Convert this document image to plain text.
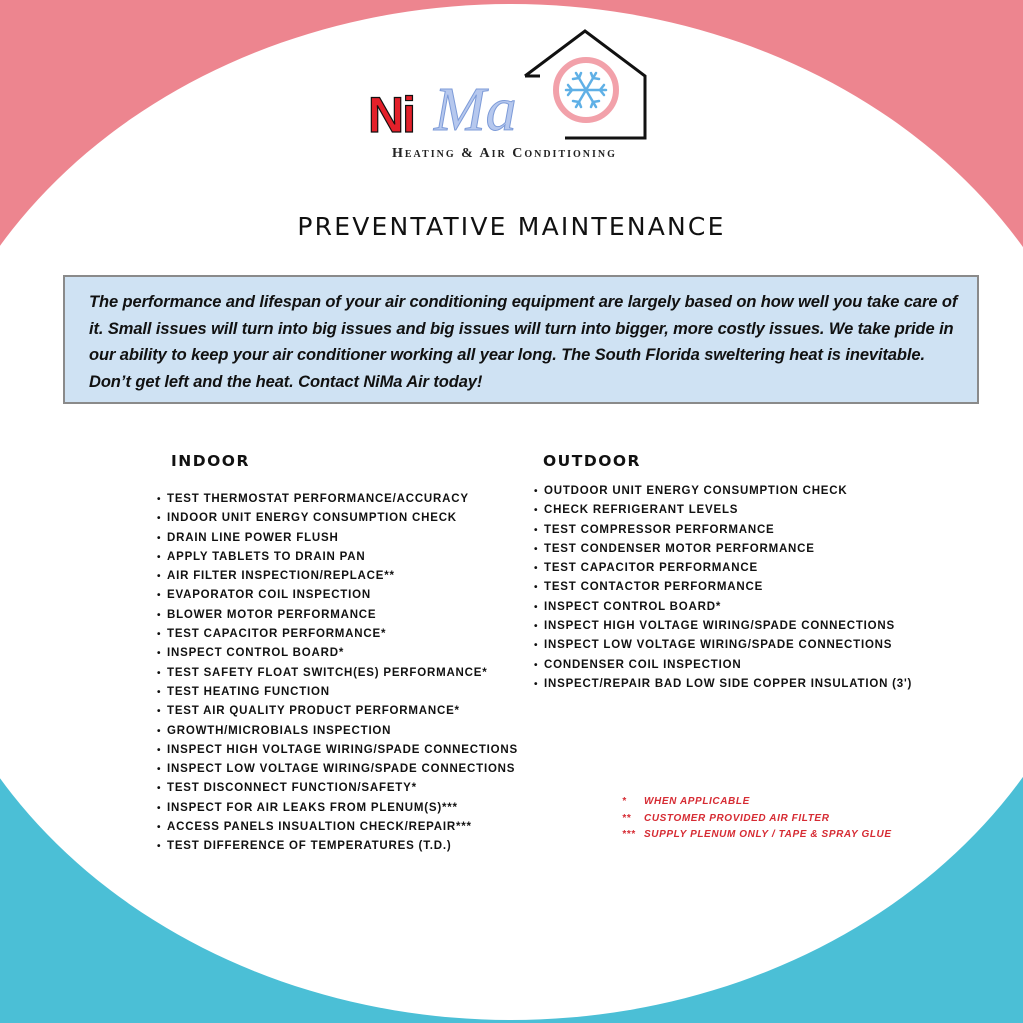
Ni Ma
Heating & Air Conditioning
PREVENTATIVE MAINTENANCE

The performance and lifespan of your air conditioning equipment are largely based on how well you take care of it. Small issues will turn into big issues and big issues will turn into bigger, more costly issues. We take pride in our ability to keep your air conditioner working all year long. The South Florida sweltering heat is inevitable. Don’t get left and the heat. Contact NiMa Air today!

INDOOR
• TEST THERMOSTAT PERFORMANCE/ACCURACY
• INDOOR UNIT ENERGY CONSUMPTION CHECK
• DRAIN LINE POWER FLUSH
• APPLY TABLETS TO DRAIN PAN
• AIR FILTER INSPECTION/REPLACE**
• EVAPORATOR COIL INSPECTION
• BLOWER MOTOR PERFORMANCE
• TEST CAPACITOR PERFORMANCE*
• INSPECT CONTROL BOARD*
• TEST SAFETY FLOAT SWITCH(ES) PERFORMANCE*
• TEST HEATING FUNCTION
• TEST AIR QUALITY PRODUCT PERFORMANCE*
• GROWTH/MICROBIALS INSPECTION
• INSPECT HIGH VOLTAGE WIRING/SPADE CONNECTIONS
• INSPECT LOW VOLTAGE WIRING/SPADE CONNECTIONS
• TEST DISCONNECT FUNCTION/SAFETY*
• INSPECT FOR AIR LEAKS FROM PLENUM(S)***
• ACCESS PANELS INSUALTION CHECK/REPAIR***
• TEST DIFFERENCE OF TEMPERATURES (T.D.)
OUTDOOR
• OUTDOOR UNIT ENERGY CONSUMPTION CHECK
• CHECK REFRIGERANT LEVELS
• TEST COMPRESSOR PERFORMANCE
• TEST CONDENSER MOTOR PERFORMANCE
• TEST CAPACITOR PERFORMANCE
• TEST CONTACTOR PERFORMANCE
• INSPECT CONTROL BOARD*
• INSPECT HIGH VOLTAGE WIRING/SPADE CONNECTIONS
• INSPECT LOW VOLTAGE WIRING/SPADE CONNECTIONS
• CONDENSER COIL INSPECTION
• INSPECT/REPAIR BAD LOW SIDE COPPER INSULATION (3')
* WHEN APPLICABLE
** CUSTOMER PROVIDED AIR FILTER
*** SUPPLY PLENUM ONLY / TAPE & SPRAY GLUE
